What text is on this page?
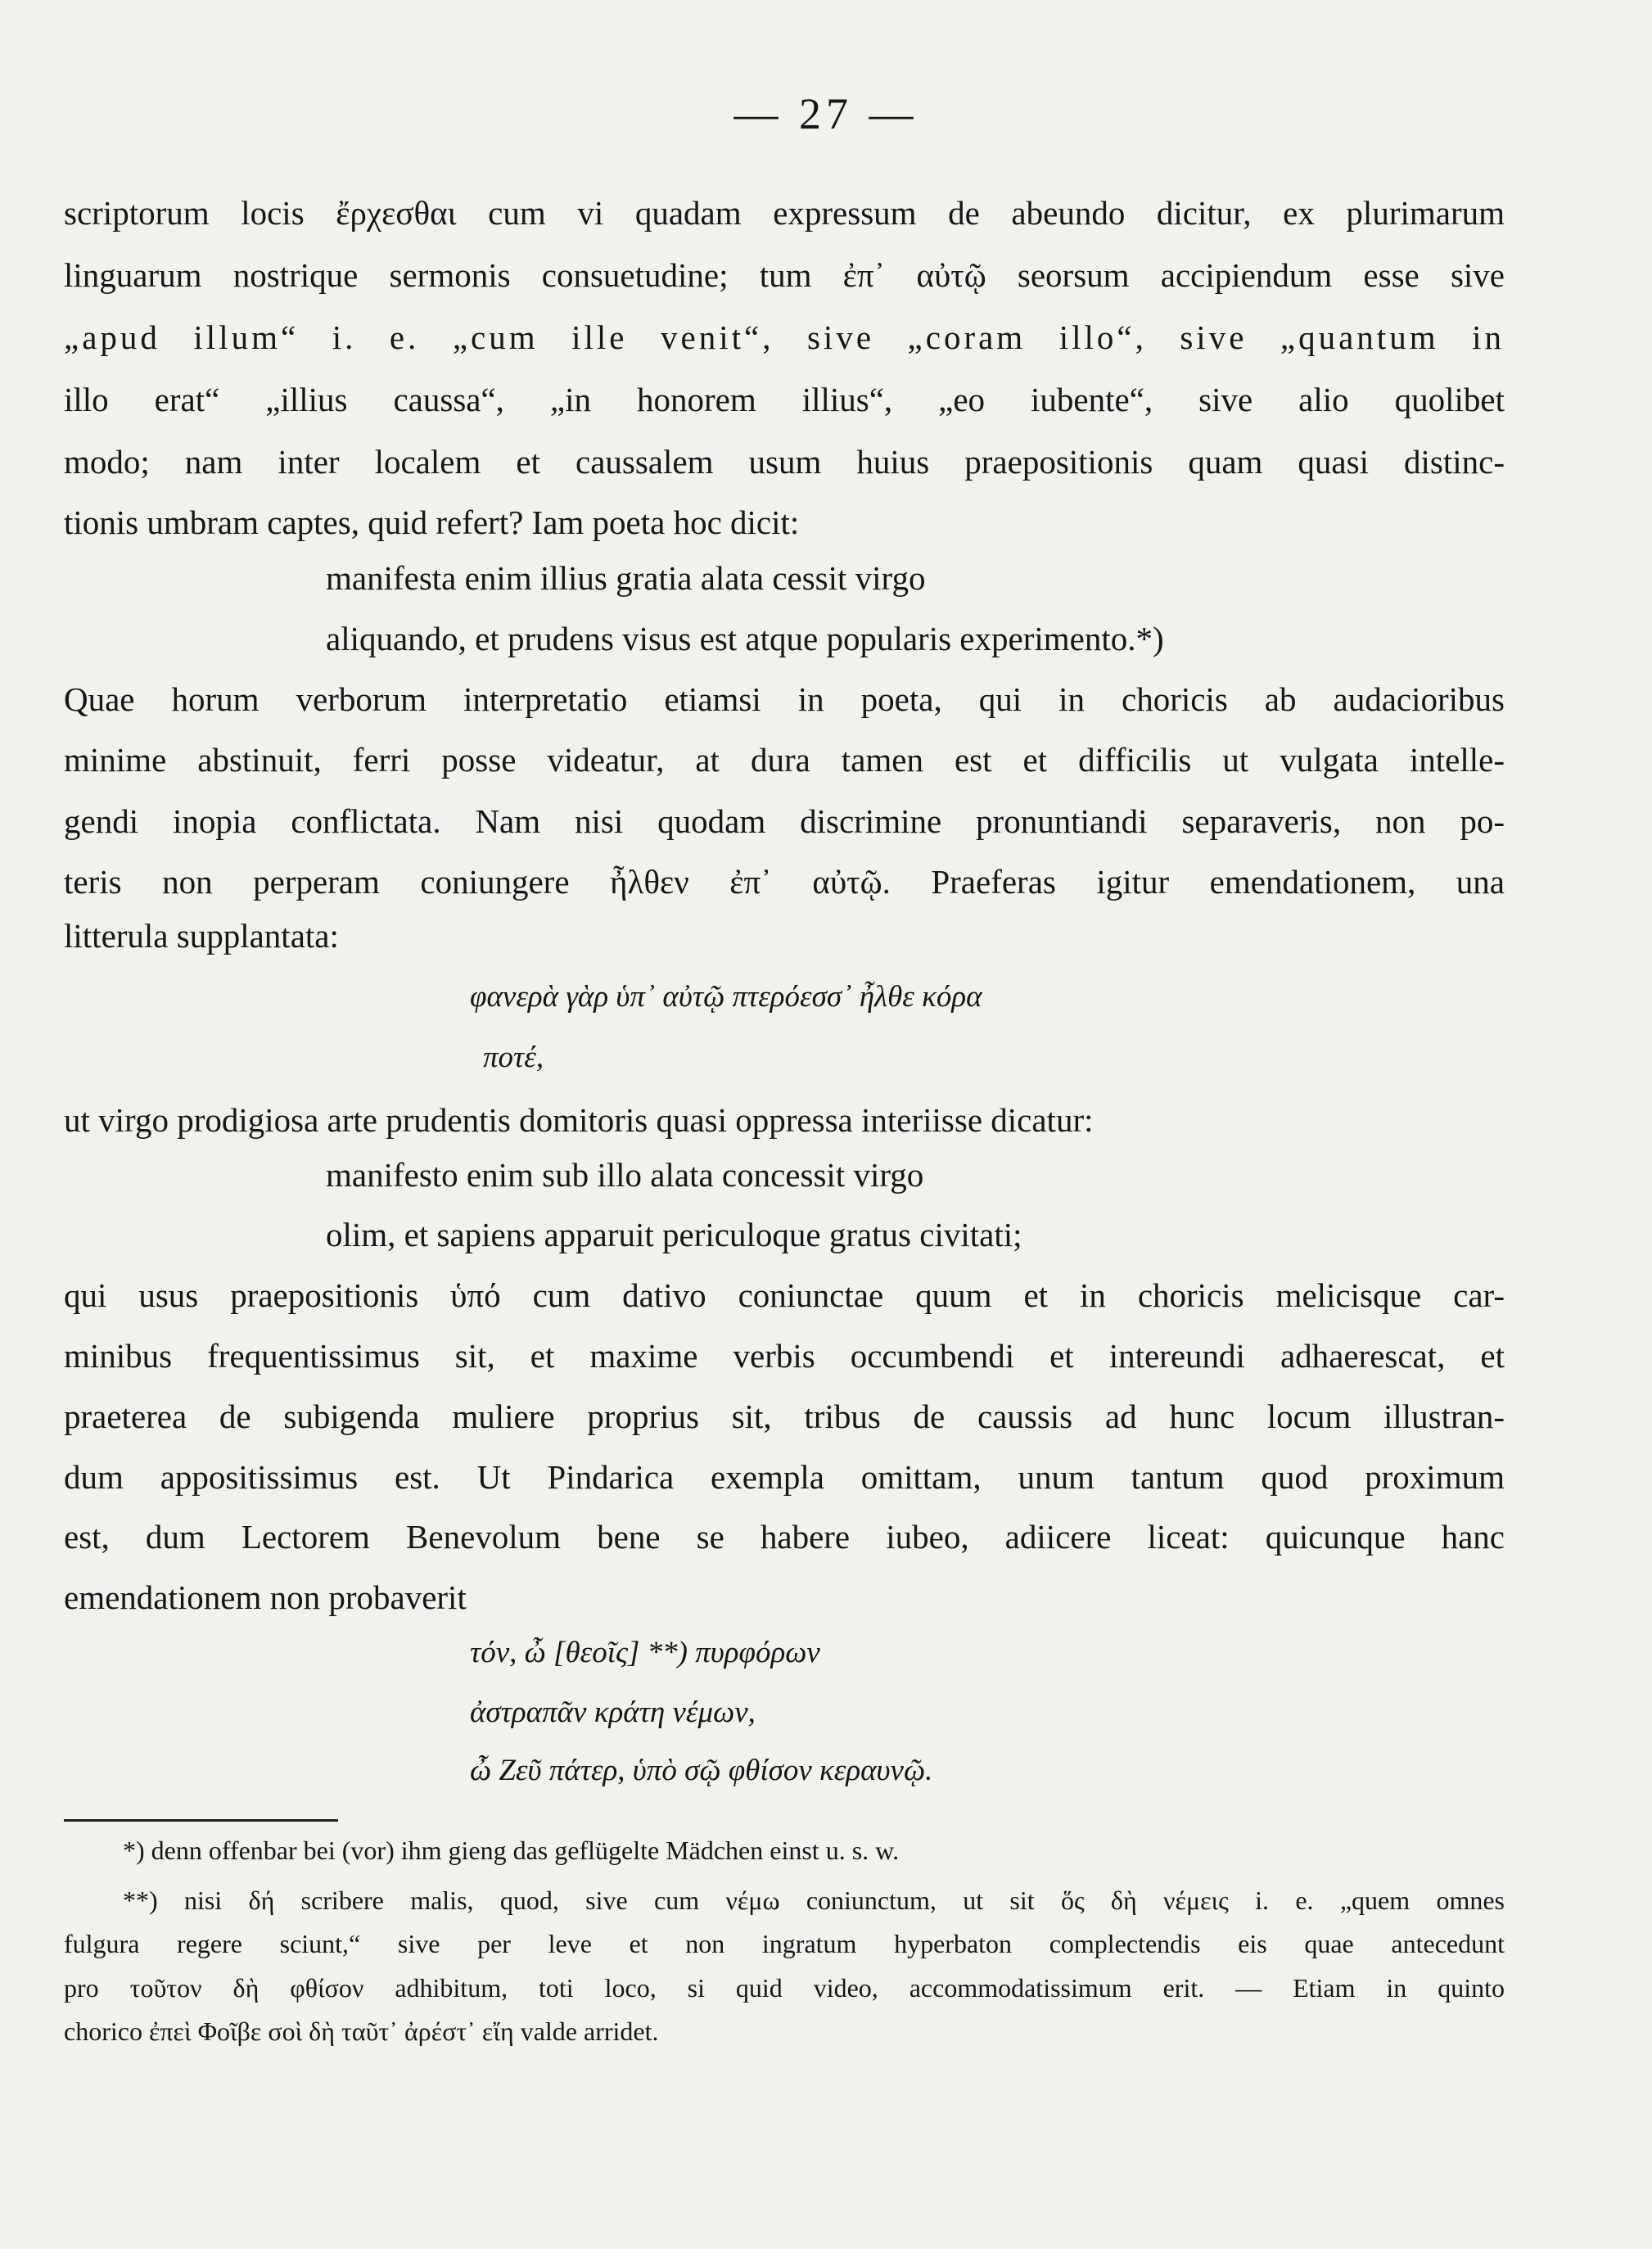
— 27 —
scriptorum locis ἔρχεσθαι cum vi quadam expressum de abeundo dicitur, ex plurimarum
linguarum nostrique sermonis consuetudine; tum ἐπ᾽ αὐτῷ seorsum accipiendum esse sive
„apud illum“ i. e. „cum ille venit“, sive „coram illo“, sive „quantum in
illo erat“ „illius caussa“, „in honorem illius“, „eo iubente“, sive alio quolibet
modo; nam inter localem et caussalem usum huius praepositionis quam quasi distinc-
tionis umbram captes, quid refert? Iam poeta hoc dicit:
manifesta enim illius gratia alata cessit virgo
aliquando, et prudens visus est atque popularis experimento.*)
Quae horum verborum interpretatio etiamsi in poeta, qui in choricis ab audacioribus
minime abstinuit, ferri posse videatur, at dura tamen est et difficilis ut vulgata intelle-
gendi inopia conflictata. Nam nisi quodam discrimine pronuntiandi separaveris, non po-
teris non perperam coniungere ἦλθεν ἐπ᾽ αὐτῷ. Praeferas igitur emendationem, una
litterula supplantata:
φανερὰ γὰρ ὑπ᾽ αὐτῷ πτερόεσσ᾽ ἦλθε κόρα
ποτέ,
ut virgo prodigiosa arte prudentis domitoris quasi oppressa interiisse dicatur:
manifesto enim sub illo alata concessit virgo
olim, et sapiens apparuit periculoque gratus civitati;
qui usus praepositionis ὑπό cum dativo coniunctae quum et in choricis melicisque car-
minibus frequentissimus sit, et maxime verbis occumbendi et intereundi adhaerescat, et
praeterea de subigenda muliere proprius sit, tribus de caussis ad hunc locum illustran-
dum appositissimus est. Ut Pindarica exempla omittam, unum tantum quod proximum
est, dum Lectorem Benevolum bene se habere iubeo, adiicere liceat: quicunque hanc
emendationem non probaverit
τόν, ὦ [θεοῖς] **) πυρφόρων
ἀστραπᾶν κράτη νέμων,
ὦ Ζεῦ πάτερ, ὑπὸ σῷ φθίσον κεραυνῷ.
*) denn offenbar bei (vor) ihm gieng das geflügelte Mädchen einst u. s. w.
**) nisi δή scribere malis, quod, sive cum νέμω coniunctum, ut sit ὅς δὴ νέμεις i. e. „quem omnes
fulgura regere sciunt,“ sive per leve et non ingratum hyperbaton complectendis eis quae antecedunt
pro τοῦτον δὴ φθίσον adhibitum, toti loco, si quid video, accommodatissimum erit. — Etiam in quinto
chorico ἐπεὶ Φοῖβε σοὶ δὴ ταῦτ᾽ ἀρέστ᾽ εἴη valde arridet.
